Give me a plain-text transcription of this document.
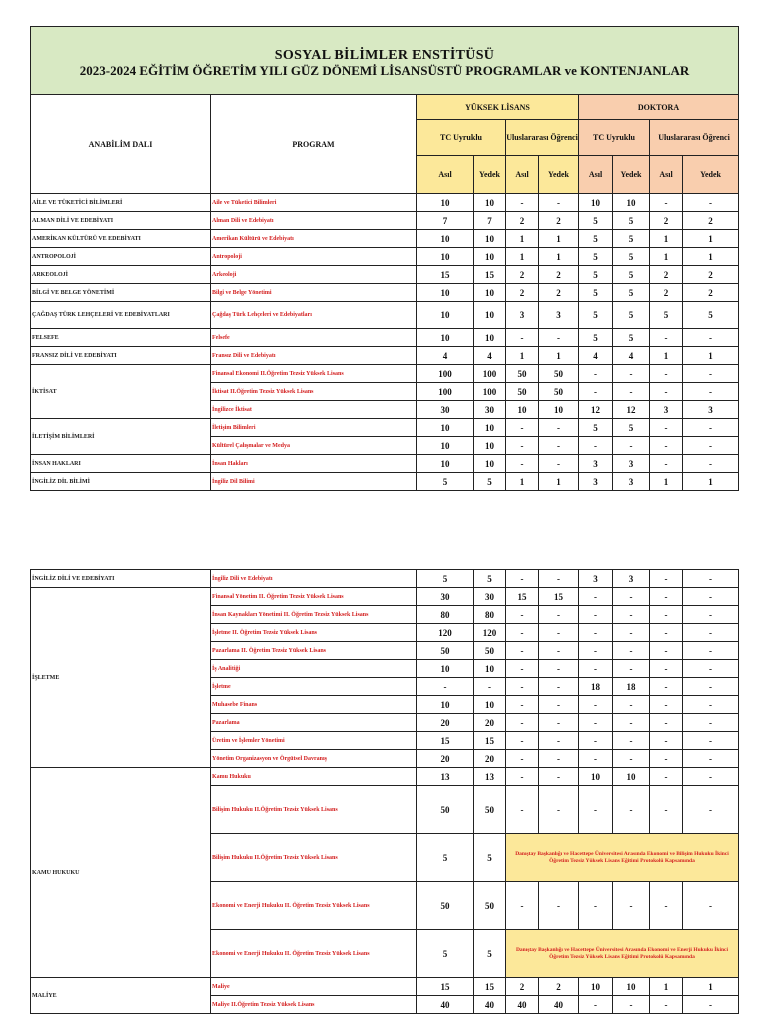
SOSYAL BİLİMLER ENSTİTÜSÜ
2023-2024 EĞİTİM ÖĞRETİM YILI GÜZ DÖNEMİ LİSANSÜSTÜ PROGRAMLAR ve KONTENJANLAR									

ANABİLİM DALI	PROGRAM	YÜKSEK LİSANS				DOKTORA			
		TC Uyruklu		Uluslararası Öğrenci		TC Uyruklu		Uluslararası Öğrenci	
		Asıl	Yedek	Asıl	Yedek	Asıl	Yedek	Asıl	Yedek
AİLE VE TÜKETİCİ BİLİMLERİ	Aile ve Tüketici Bilimleri	10	10	-	-	10	10	-	-
ALMAN DİLİ VE EDEBİYATI	Alman Dili ve Edebiyatı	7	7	2	2	5	5	2	2
AMERİKAN KÜLTÜRÜ VE EDEBİYATI	Amerikan Kültürü ve Edebiyatı	10	10	1	1	5	5	1	1
ANTROPOLOJİ	Antropoloji	10	10	1	1	5	5	1	1
ARKEOLOJİ	Arkeoloji	15	15	2	2	5	5	2	2
BİLGİ VE BELGE YÖNETİMİ	Bilgi ve Belge Yönetimi	10	10	2	2	5	5	2	2
ÇAĞDAŞ TÜRK LEHÇELERİ VE EDEBİYATLARI	Çağdaş Türk Lehçeleri ve Edebiyatları	10	10	3	3	5	5	5	5
FELSEFE	Felsefe	10	10	-	-	5	5	-	-
FRANSIZ DİLİ VE EDEBİYATI	Fransız Dili ve Edebiyatı	4	4	1	1	4	4	1	1
İKTİSAT	Finansal Ekonomi II.Öğretim Tezsiz Yüksek Lisans	100	100	50	50	-	-	-	-
	İktisat II.Öğretim Tezsiz Yüksek Lisans	100	100	50	50	-	-	-	-
	İngilizce İktisat	30	30	10	10	12	12	3	3
İLETİŞİM BİLİMLERİ	İletişim Bilimleri	10	10	-	-	5	5	-	-
	Kültürel Çalışmalar ve Medya	10	10	-	-	-	-	-	-
İNSAN HAKLARI	İnsan Hakları	10	10	-	-	3	3	-	-
İNGİLİZ DİL BİLİMİ	İngiliz Dil Bilimi	5	5	1	1	3	3	1	1
İNGİLİZ DİLİ VE EDEBİYATI	İngiliz Dili ve Edebiyatı	5	5	-	-	3	3	-	-
İŞLETME	Finansal Yönetim II. Öğretim Tezsiz Yüksek Lisans	30	30	15	15	-	-	-	-
	İnsan Kaynakları Yönetimi II. Öğretim Tezsiz Yüksek Lisans	80	80	-	-	-	-	-	-
	İşletme II. Öğretim Tezsiz Yüksek Lisans	120	120	-	-	-	-	-	-
	Pazarlama II. Öğretim Tezsiz Yüksek Lisans	50	50	-	-	-	-	-	-
	İş Analitiği	10	10	-	-	-	-	-	-
	İşletme	-	-	-	-	18	18	-	-
	Muhasebe Finans	10	10	-	-	-	-	-	-
	Pazarlama	20	20	-	-	-	-	-	-
	Üretim ve İşlemler Yönetimi	15	15	-	-	-	-	-	-
	Yönetim Organizasyon ve Örgütsel Davranış	20	20	-	-	-	-	-	-
KAMU HUKUKU	Kamu Hukuku	13	13	-	-	10	10	-	-
	Bilişim Hukuku II.Öğretim Tezsiz Yüksek Lisans	50	50	-	-	-	-	-	-
	Bilişim Hukuku II.Öğretim Tezsiz Yüksek Lisans	5	5	Danıştay Başkanlığı ve Hacettepe Üniversitesi Arasında Ekonomi ve Bilişim Hukuku İkinci Öğretim Tezsiz Yüksek Lisans Eğitimi Protokolü Kapsamında					
	Ekonomi ve Enerji Hukuku II. Öğretim Tezsiz Yüksek Lisans	50	50	-	-	-	-	-	-
	Ekonomi ve Enerji Hukuku II. Öğretim Tezsiz Yüksek Lisans	5	5	Danıştay Başkanlığı ve Hacettepe Üniversitesi Arasında Ekonomi ve Enerji Hukuku İkinci Öğretim Tezsiz Yüksek Lisans Eğitimi Protokolü Kapsamında					
MALİYE	Maliye	15	15	2	2	10	10	1	1
	Maliye II.Öğretim Tezsiz Yüksek Lisans	40	40	40	40	-	-	-	-
